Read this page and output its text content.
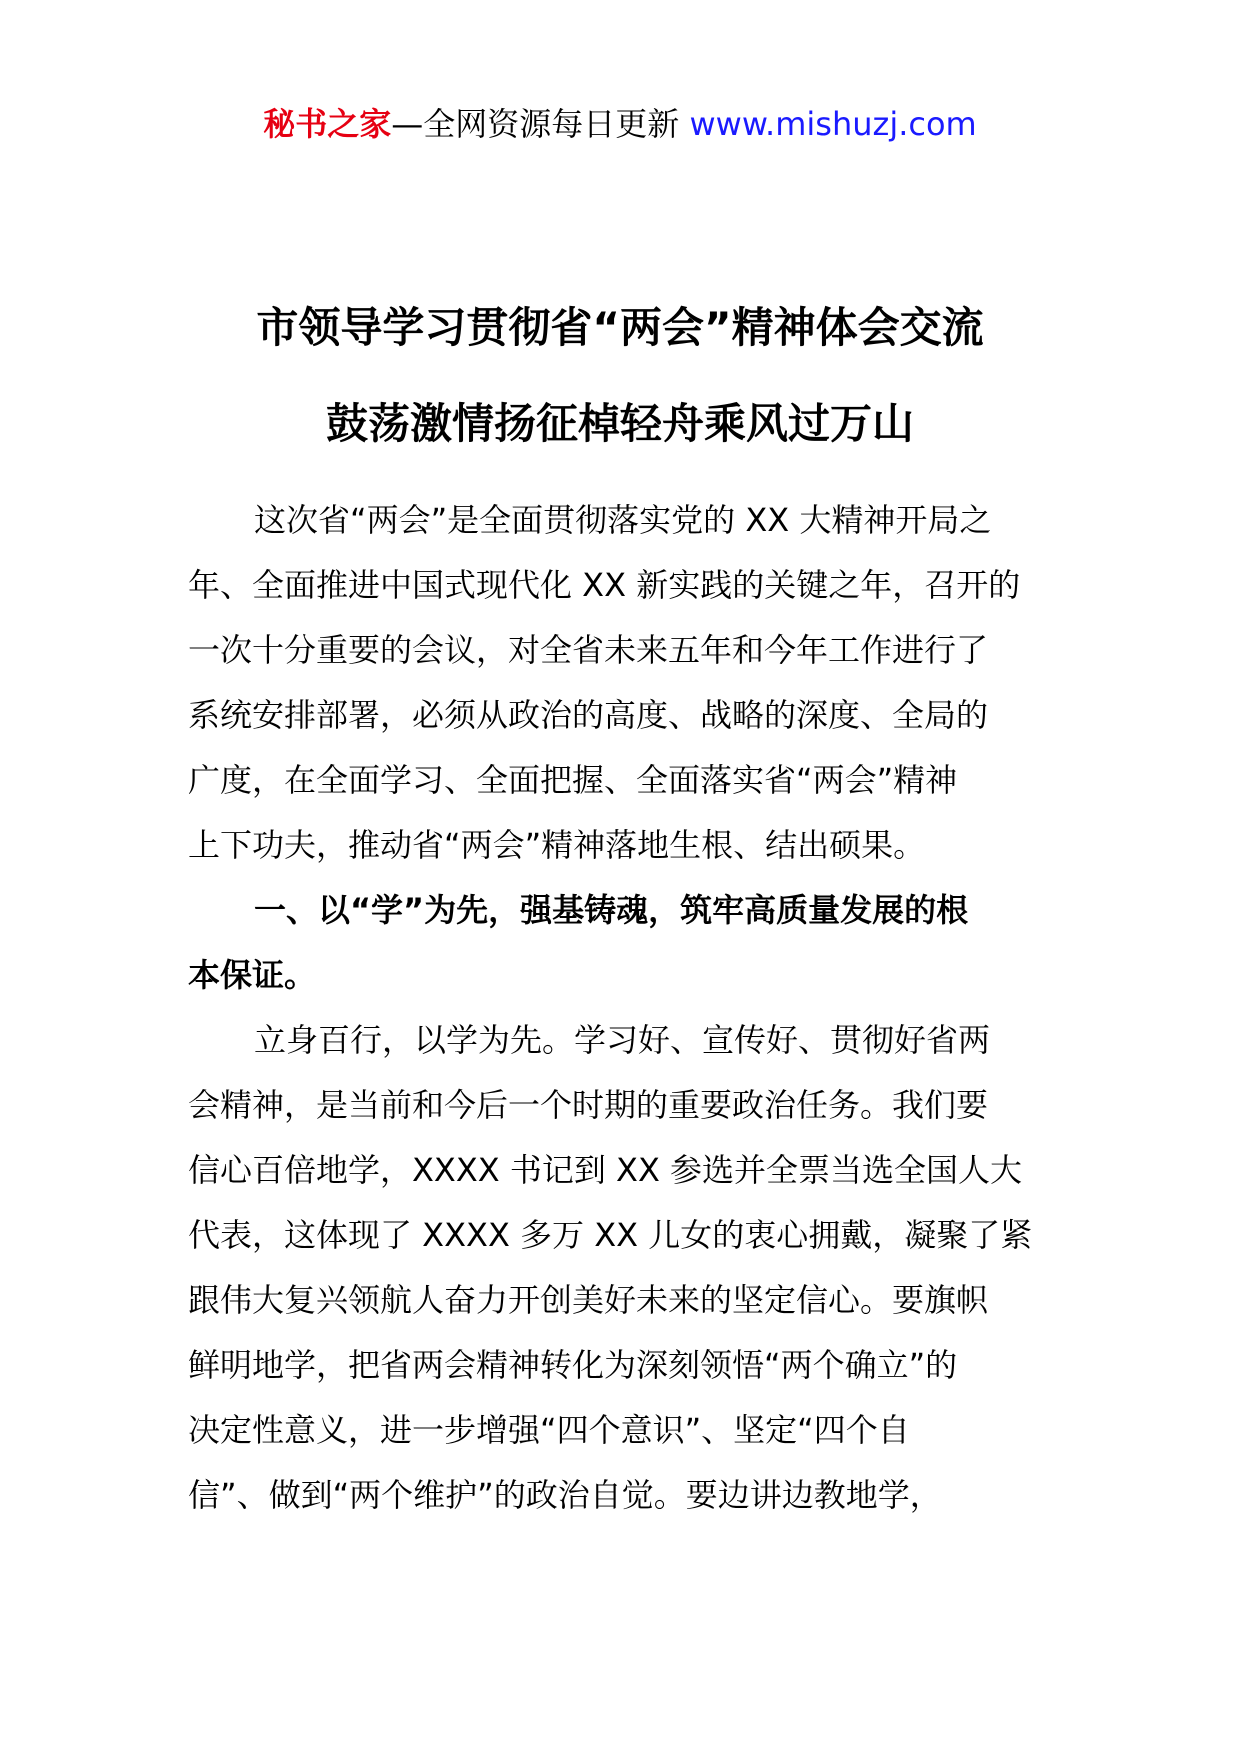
秘书之家—全网资源每日更新 www.mishuzj.com
市领导学习贯彻省“两会”精神体会交流
鼓荡激情扬征棹轻舟乘风过万山
这次省“两会”是全面贯彻落实党的 XX 大精神开局之
年、全面推进中国式现代化 XX 新实践的关键之年，召开的
一次十分重要的会议，对全省未来五年和今年工作进行了
系统安排部署，必须从政治的高度、战略的深度、全局的
广度，在全面学习、全面把握、全面落实省“两会”精神
上下功夫，推动省“两会”精神落地生根、结出硕果。
一、以“学”为先，强基铸魂，筑牢高质量发展的根
本保证。
立身百行，以学为先。学习好、宣传好、贯彻好省两
会精神，是当前和今后一个时期的重要政治任务。我们要
信心百倍地学，XXXX 书记到 XX 参选并全票当选全国人大
代表，这体现了 XXXX 多万 XX 儿女的衷心拥戴，凝聚了紧
跟伟大复兴领航人奋力开创美好未来的坚定信心。要旗帜
鲜明地学，把省两会精神转化为深刻领悟“两个确立”的
决定性意义，进一步增强“四个意识”、坚定“四个自
信”、做到“两个维护”的政治自觉。要边讲边教地学，
